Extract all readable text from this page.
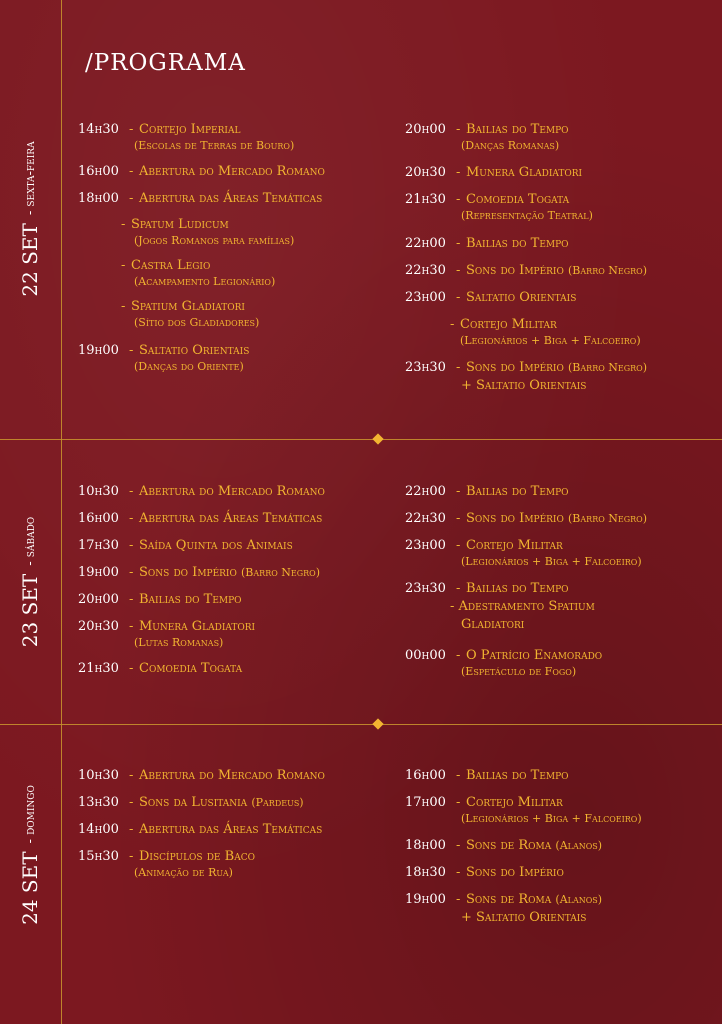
/PROGRAMA
22 SET
- sexta-feira
14h30 - Cortejo Imperial
(Escolas de Terras de Bouro)
16h00 - Abertura do Mercado Romano
18h00 - Abertura das Áreas Temáticas
- Spatum Ludicum
(Jogos Romanos para famílias)
- Castra Legio
(Acampamento Legionário)
- Spatium Gladiatori
(Sítio dos Gladiadores)
19h00 - Saltatio Orientais
(Danças do Oriente)
20h00 - Bailias do Tempo
(Danças Romanas)
20h30 - Munera Gladiatori
21h30 - Comoedia Togata
(Representação Teatral)
22h00 - Bailias do Tempo
22h30 - Sons do Império (Barro Negro)
23h00 - Saltatio Orientais
- Cortejo Militar
(Legionários + Biga + Falcoeiro)
23h30 - Sons do Império (Barro Negro)
+ Saltatio Orientais
23 SET
- sábado
10h30 - Abertura do Mercado Romano
16h00 - Abertura das Áreas Temáticas
17h30 - Saída Quinta dos Animais
19h00 - Sons do Império (Barro Negro)
20h00 - Bailias do Tempo
20h30 - Munera Gladiatori
(Lutas Romanas)
21h30 - Comoedia Togata
22h00 - Bailias do Tempo
22h30 - Sons do Império (Barro Negro)
23h00 - Cortejo Militar
(Legionários + Biga + Falcoeiro)
23h30 - Bailias do Tempo
- Adestramento Spatium
Gladiatori
00h00 - O Patrício Enamorado
(Espetáculo de Fogo)
24 SET
- domingo
10h30 - Abertura do Mercado Romano
13h30 - Sons da Lusitania (Pardeus)
14h00 - Abertura das Áreas Temáticas
15h30 - Discípulos de Baco
(Animação de Rua)
16h00 - Bailias do Tempo
17h00 - Cortejo Militar
(Legionários + Biga + Falcoeiro)
18h00 - Sons de Roma (Alanos)
18h30 - Sons do Império
19h00 - Sons de Roma (Alanos)
+ Saltatio Orientais
